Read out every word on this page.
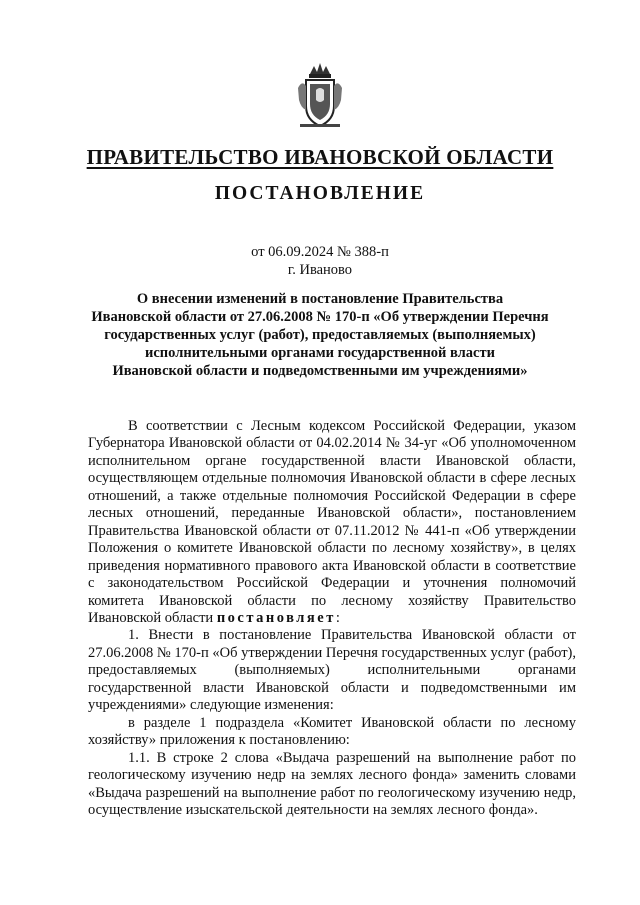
ПРАВИТЕЛЬСТВО ИВАНОВСКОЙ ОБЛАСТИ
ПОСТАНОВЛЕНИЕ
от 06.09.2024 № 388-п
г. Иваново
О внесении изменений в постановление Правительства
Ивановской области от 27.06.2008 № 170-п «Об утверждении Перечня
государственных услуг (работ), предоставляемых (выполняемых)
исполнительными органами государственной власти
Ивановской области и подведомственными им учреждениями»

В соответствии с Лесным кодексом Российской Федерации, указом Губернатора Ивановской области от 04.02.2014 № 34-уг «Об уполномоченном исполнительном органе государственной власти Ивановской области, осуществляющем отдельные полномочия Ивановской области в сфере лесных отношений, а также отдельные полномочия Российской Федерации в сфере лесных отношений, переданные Ивановской области», постановлением Правительства Ивановской области от 07.11.2012 № 441-п «Об утверждении Положения о комитете Ивановской области по лесному хозяйству», в целях приведения нормативного правового акта Ивановской области в соответствие с законодательством Российской Федерации и уточнения полномочий комитета Ивановской области по лесному хозяйству Правительство Ивановской области постановляет:

1. Внести в постановление Правительства Ивановской области от 27.06.2008 № 170-п «Об утверждении Перечня государственных услуг (работ), предоставляемых (выполняемых) исполнительными органами государственной власти Ивановской области и подведомственными им учреждениями» следующие изменения:

в разделе 1 подраздела «Комитет Ивановской области по лесному хозяйству» приложения к постановлению:

1.1. В строке 2 слова «Выдача разрешений на выполнение работ по геологическому изучению недр на землях лесного фонда» заменить словами «Выдача разрешений на выполнение работ по геологическому изучению недр, осуществление изыскательской деятельности на землях лесного фонда».
